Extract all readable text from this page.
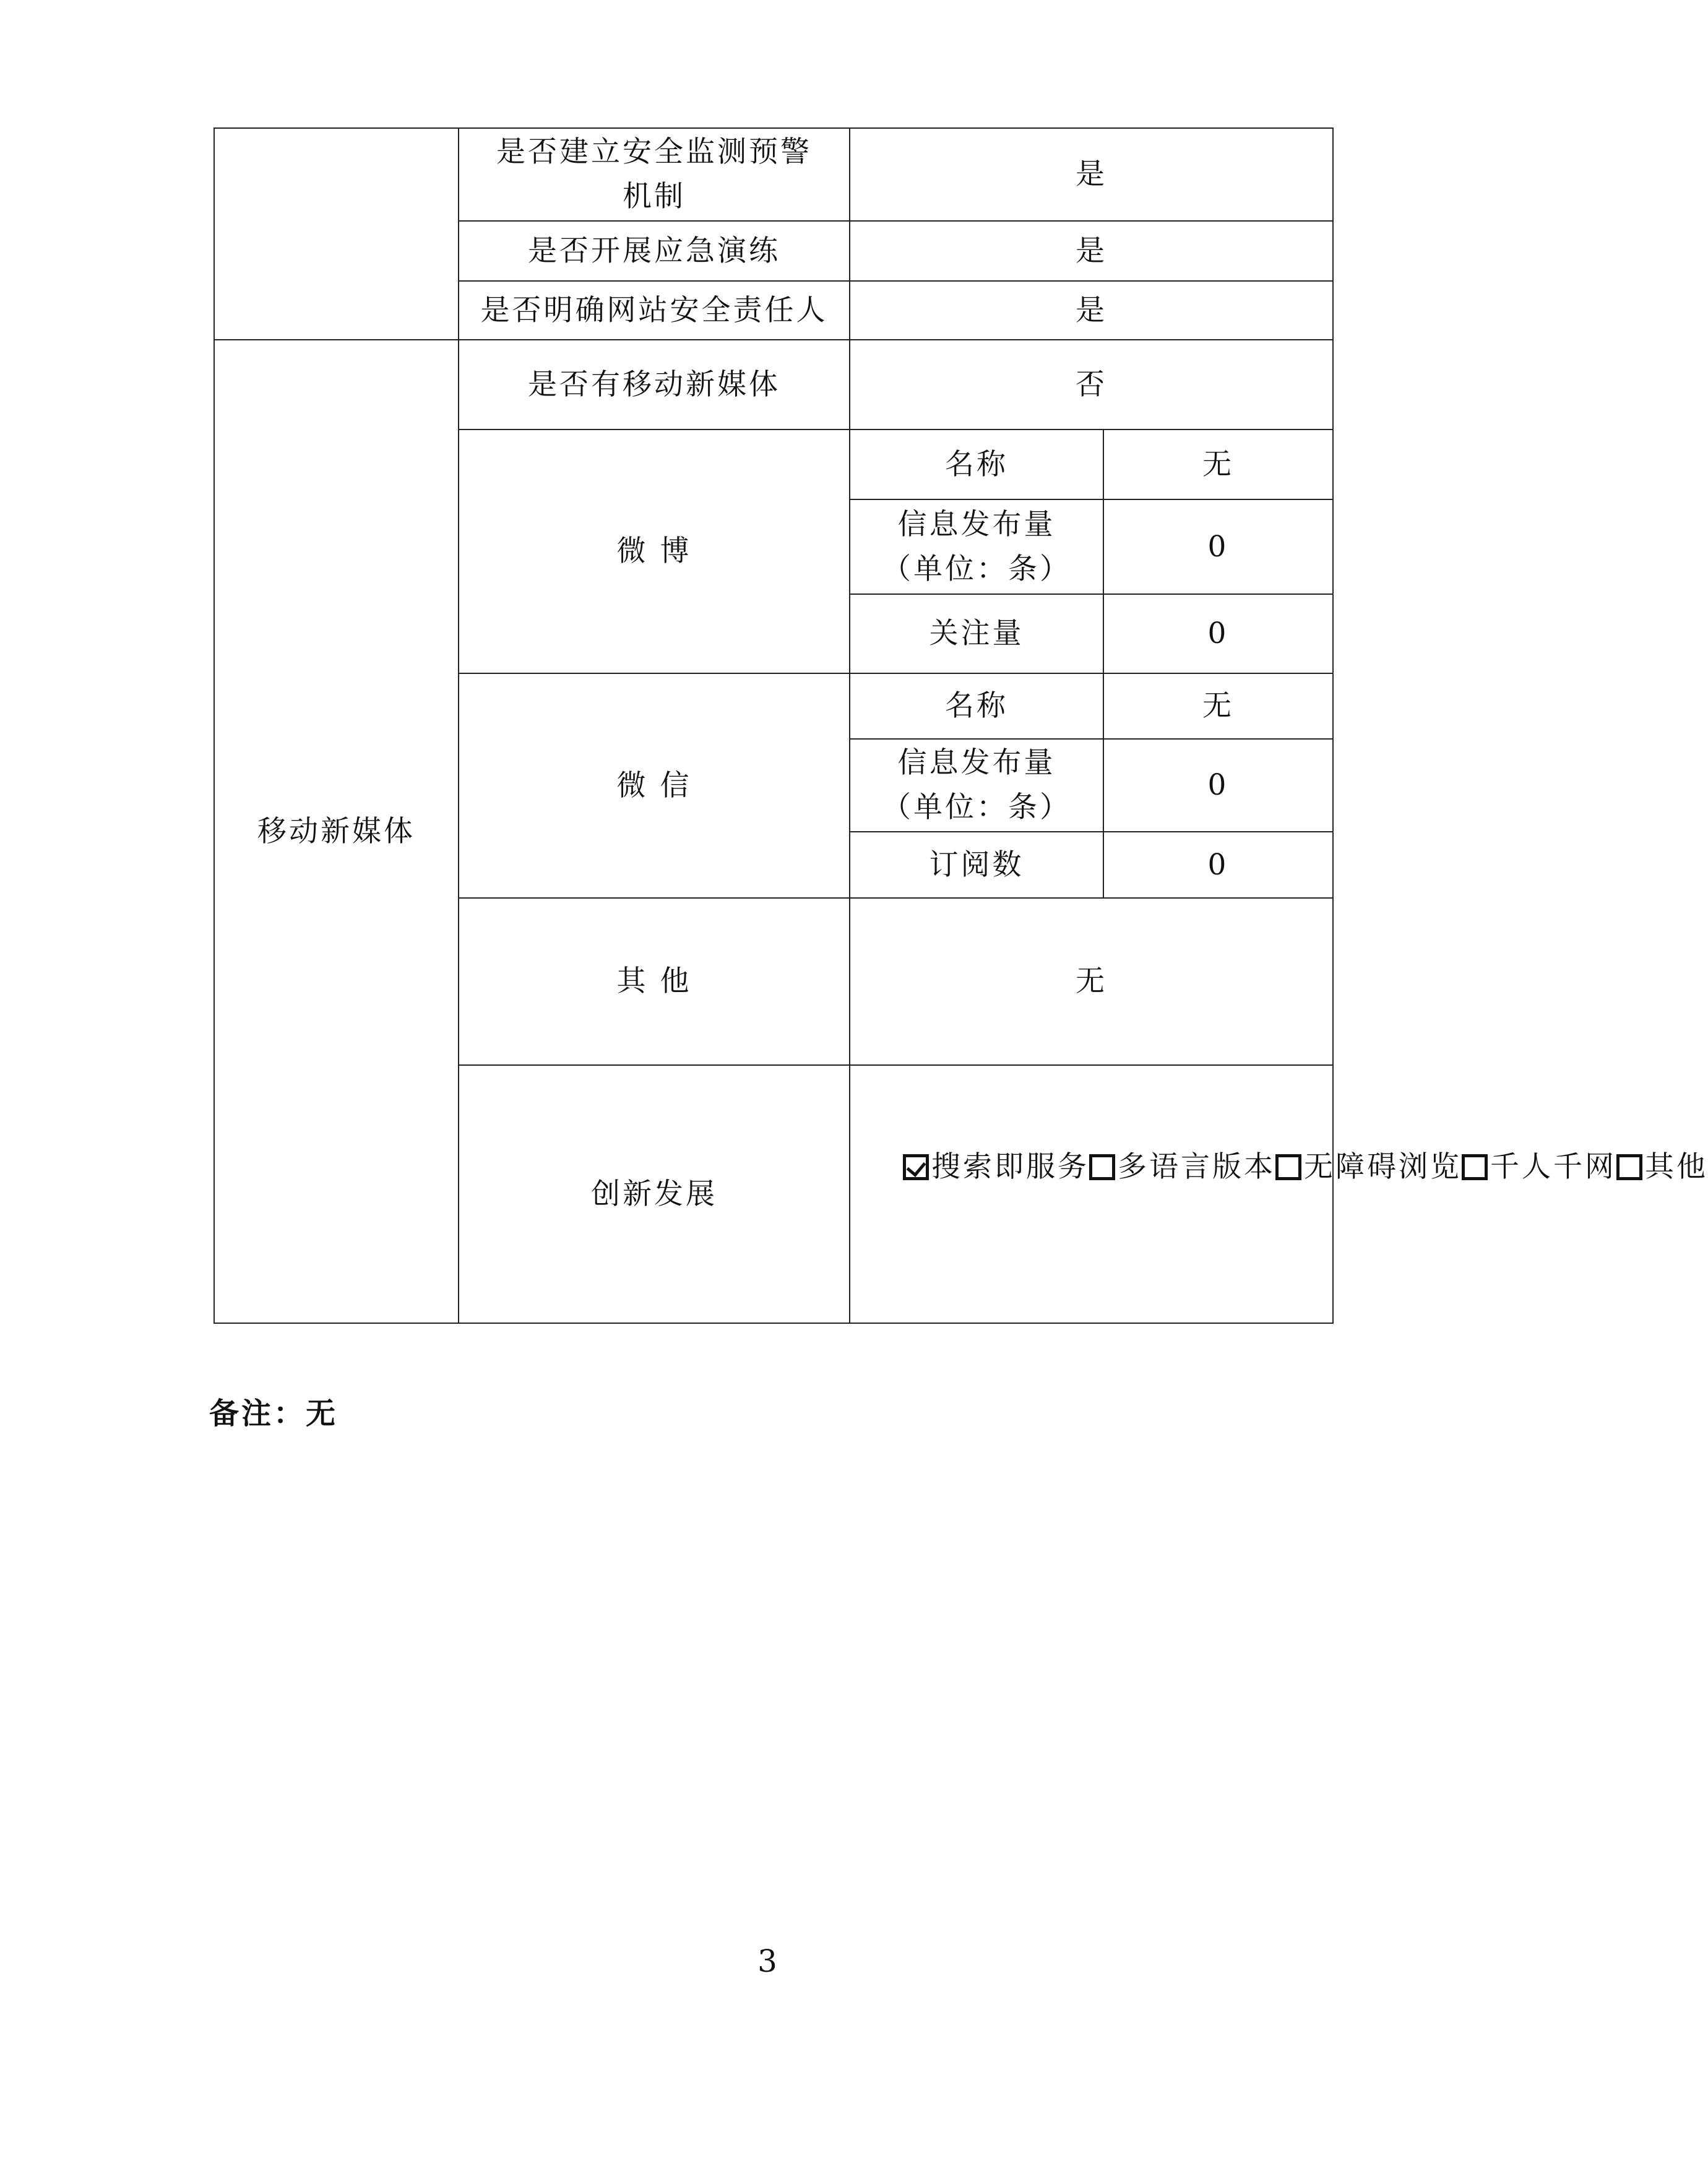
	是否建立安全监测预警
机制	是	
	是否开展应急演练	是	
	是否明确网站安全责任人	是	
移动新媒体	是否有移动新媒体	否	
	微 博	名称	无
		信息发布量
（单位：条）	0
		关注量	0
	微 信	名称	无
		信息发布量
（单位：条）	0
		订阅数	0
	其 他	无	
	创新发展	搜索即服务 多语言版本 无障碍浏览 千人千网 其他	
备注：无
3
